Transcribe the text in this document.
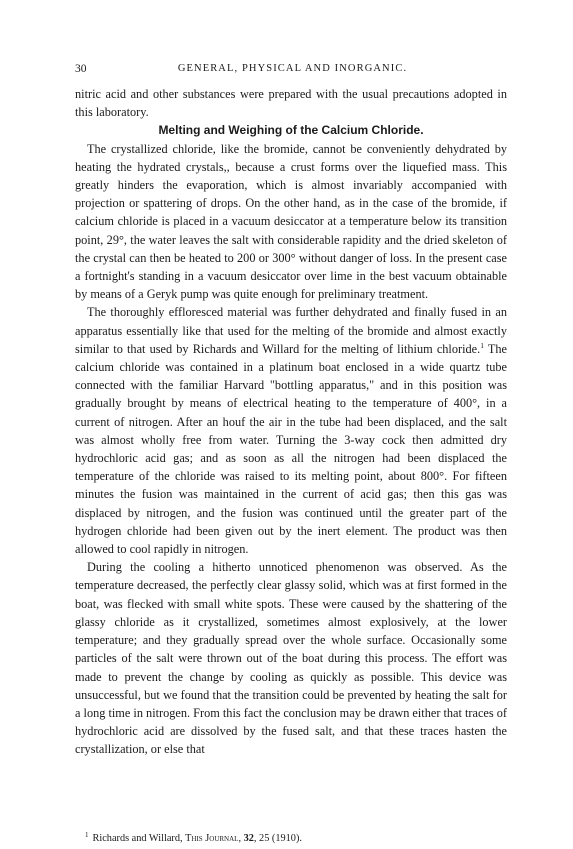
30	GENERAL, PHYSICAL AND INORGANIC.

nitric acid and other substances were prepared with the usual precautions adopted in this laboratory.

Melting and Weighing of the Calcium Chloride.

The crystallized chloride, like the bromide, cannot be conveniently dehydrated by heating the hydrated crystals,, because a crust forms over the liquefied mass. This greatly hinders the evaporation, which is almost invariably accompanied with projection or spattering of drops. On the other hand, as in the case of the bromide, if calcium chloride is placed in a vacuum desiccator at a temperature below its transition point, 29°, the water leaves the salt with considerable rapidity and the dried skeleton of the crystal can then be heated to 200 or 300° without danger of loss. In the present case a fortnight's standing in a vacuum desiccator over lime in the best vacuum obtainable by means of a Geryk pump was quite enough for preliminary treatment.

The thoroughly effloresced material was further dehydrated and finally fused in an apparatus essentially like that used for the melting of the bromide and almost exactly similar to that used by Richards and Willard for the melting of lithium chloride.$^1$ The calcium chloride was contained in a platinum boat enclosed in a wide quartz tube connected with the familiar Harvard "bottling apparatus," and in this position was gradually brought by means of electrical heating to the temperature of 400°, in a current of nitrogen. After an houf the air in the tube had been displaced, and the salt was almost wholly free from water. Turning the 3-way cock then admitted dry hydrochloric acid gas; and as soon as all the nitrogen had been displaced the temperature of the chloride was raised to its melting point, about 800°. For fifteen minutes the fusion was maintained in the current of acid gas; then this gas was displaced by nitrogen, and the fusion was continued until the greater part of the hydrogen chloride had been given out by the inert element. The product was then allowed to cool rapidly in nitrogen.

During the cooling a hitherto unnoticed phenomenon was observed. As the temperature decreased, the perfectly clear glassy solid, which was at first formed in the boat, was flecked with small white spots. These were caused by the shattering of the glassy chloride as it crystallized, sometimes almost explosively, at the lower temperature; and they gradually spread over the whole surface. Occasionally some particles of the salt were thrown out of the boat during this process. The effort was made to prevent the change by cooling as quickly as possible. This device was unsuccessful, but we found that the transition could be prevented by heating the salt for a long time in nitrogen. From this fact the conclusion may be drawn either that traces of hydrochloric acid are dissolved by the fused salt, and that these traces hasten the crystallization, or else that

$^1$ Richards and Willard, This Journal, 32, 25 (1910).
